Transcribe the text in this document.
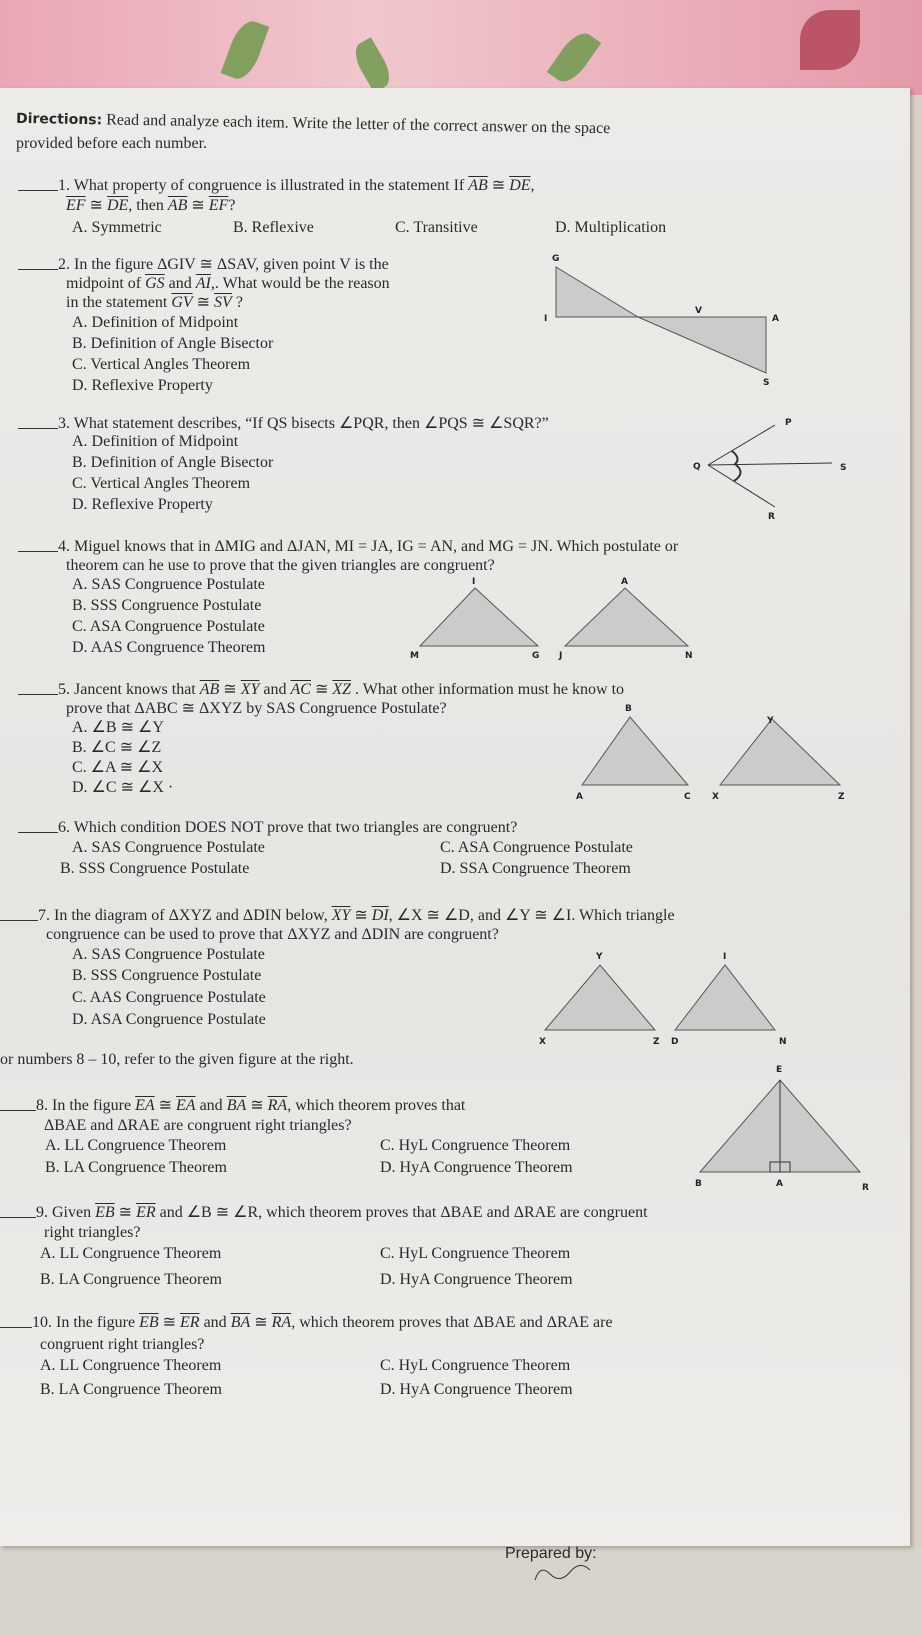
Directions: Read and analyze each item. Write the letter of the correct answer on the space
provided before each number.
1. What property of congruence is illustrated in the statement If $\overline{AB}$ ≅ $\overline{DE}$,
$\overline{EF}$ ≅ $\overline{DE}$, then $\overline{AB}$ ≅ $\overline{EF}$?
A. Symmetric	B. Reflexive	C. Transitive	D. Multiplication
2. In the figure ΔGIV ≅ ΔSAV, given point V is the
midpoint of $\overline{GS}$ and $\overline{AI}$,. What would be the reason
in the statement $\overline{GV}$ ≅ $\overline{SV}$ ?
A. Definition of Midpoint
B. Definition of Angle Bisector
C. Vertical Angles Theorem
D. Reflexive Property
3. What statement describes, “If QS bisects ∠PQR, then ∠PQS ≅ ∠SQR?”
A. Definition of Midpoint
B. Definition of Angle Bisector
C. Vertical Angles Theorem
D. Reflexive Property
4. Miguel knows that in ΔMIG and ΔJAN, MI = JA, IG = AN, and MG = JN. Which postulate or
theorem can he use to prove that the given triangles are congruent?
A. SAS Congruence Postulate
B. SSS Congruence Postulate
C. ASA Congruence Postulate
D. AAS Congruence Theorem
5. Jancent knows that $\overline{AB}$ ≅ $\overline{XY}$ and $\overline{AC}$ ≅ $\overline{XZ}$ . What other information must he know to
prove that ΔABC ≅ ΔXYZ by SAS Congruence Postulate?
A. ∠B ≅ ∠Y
B. ∠C ≅ ∠Z
C. ∠A ≅ ∠X
D. ∠C ≅ ∠X ·
6. Which condition DOES NOT prove that two triangles are congruent?
A. SAS Congruence Postulate	C. ASA Congruence Postulate
B. SSS Congruence Postulate	D. SSA Congruence Theorem
7. In the diagram of ΔXYZ and ΔDIN below, $\overline{XY}$ ≅ $\overline{DI}$, ∠X ≅ ∠D, and ∠Y ≅ ∠I. Which triangle
congruence can be used to prove that ΔXYZ and ΔDIN are congruent?
A. SAS Congruence Postulate
B. SSS Congruence Postulate
C. AAS Congruence Postulate
D. ASA Congruence Postulate
8. In the figure $\overline{EA}$ ≅ $\overline{EA}$ and $\overline{BA}$ ≅ $\overline{RA}$, which theorem proves that
ΔBAE and ΔRAE are congruent right triangles?
A. LL Congruence Theorem	C. HyL Congruence Theorem
B. LA Congruence Theorem	D. HyA Congruence Theorem
9. Given $\overline{EB}$ ≅ $\overline{ER}$ and ∠B ≅ ∠R, which theorem proves that ΔBAE and ΔRAE are congruent
right triangles?
A. LL Congruence Theorem	C. HyL Congruence Theorem
B. LA Congruence Theorem	D. HyA Congruence Theorem
10. In the figure $\overline{EB}$ ≅ $\overline{ER}$ and $\overline{BA}$ ≅ $\overline{RA}$, which theorem proves that ΔBAE and ΔRAE are
congruent right triangles?
A. LL Congruence Theorem	C. HyL Congruence Theorem
B. LA Congruence Theorem	D. HyA Congruence Theorem
or numbers 8 – 10, refer to the given figure at the right.
G
I
V
A
S
P
Q	S
R
I
M	G
A
J	N
B
A	C
Y
X	Z
Y
X	Z
I
D	N
E
B	A	R
Prepared by:
